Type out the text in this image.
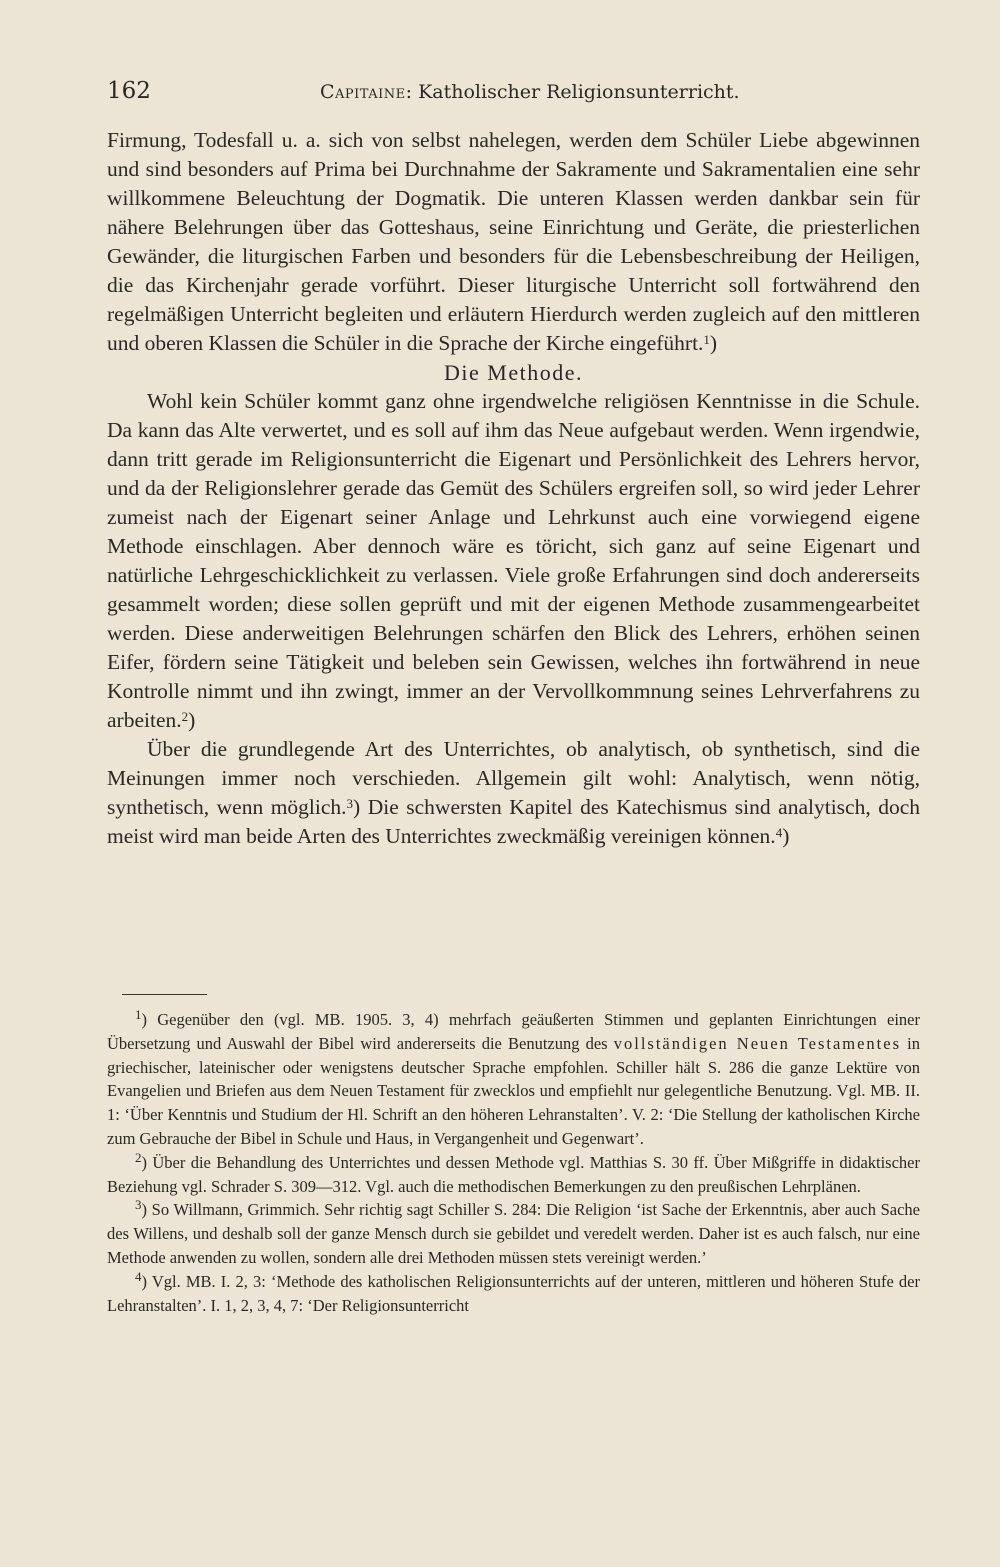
162	Capitaine: Katholischer Religionsunterricht.

Firmung, Todesfall u. a. sich von selbst nahelegen, werden dem Schüler Liebe abgewinnen und sind besonders auf Prima bei Durchnahme der Sakramente und Sakramentalien eine sehr willkommene Beleuchtung der Dogmatik. Die unteren Klassen werden dankbar sein für nähere Belehrungen über das Gotteshaus, seine Einrichtung und Geräte, die priesterlichen Gewänder, die liturgischen Farben und besonders für die Lebensbeschreibung der Heiligen, die das Kirchenjahr gerade vorführt. Dieser liturgische Unterricht soll fortwährend den regelmäßigen Unterricht begleiten und erläutern Hierdurch werden zugleich auf den mittleren und oberen Klassen die Schüler in die Sprache der Kirche eingeführt.$^1$)

Die Methode.

Wohl kein Schüler kommt ganz ohne irgendwelche religiösen Kenntnisse in die Schule. Da kann das Alte verwertet, und es soll auf ihm das Neue aufgebaut werden. Wenn irgendwie, dann tritt gerade im Religionsunterricht die Eigenart und Persönlichkeit des Lehrers hervor, und da der Religionslehrer gerade das Gemüt des Schülers ergreifen soll, so wird jeder Lehrer zumeist nach der Eigenart seiner Anlage und Lehrkunst auch eine vorwiegend eigene Methode einschlagen. Aber dennoch wäre es töricht, sich ganz auf seine Eigenart und natürliche Lehrgeschicklichkeit zu verlassen. Viele große Erfahrungen sind doch andererseits gesammelt worden; diese sollen geprüft und mit der eigenen Methode zusammengearbeitet werden. Diese anderweitigen Belehrungen schärfen den Blick des Lehrers, erhöhen seinen Eifer, fördern seine Tätigkeit und beleben sein Gewissen, welches ihn fortwährend in neue Kontrolle nimmt und ihn zwingt, immer an der Vervollkommnung seines Lehrverfahrens zu arbeiten.$^2$)

Über die grundlegende Art des Unterrichtes, ob analytisch, ob synthetisch, sind die Meinungen immer noch verschieden. Allgemein gilt wohl: Analytisch, wenn nötig, synthetisch, wenn möglich.$^3$) Die schwersten Kapitel des Katechismus sind analytisch, doch meist wird man beide Arten des Unterrichtes zweckmäßig vereinigen können.$^4$)

$^1$) Gegenüber den (vgl. MB. 1905. 3, 4) mehrfach geäußerten Stimmen und geplanten Einrichtungen einer Übersetzung und Auswahl der Bibel wird andererseits die Benutzung des vollständigen Neuen Testamentes in griechischer, lateinischer oder wenigstens deutscher Sprache empfohlen. Schiller hält S. 286 die ganze Lektüre von Evangelien und Briefen aus dem Neuen Testament für zwecklos und empfiehlt nur gelegentliche Benutzung. Vgl. MB. II. 1: ‘Über Kenntnis und Studium der Hl. Schrift an den höheren Lehranstalten’. V. 2: ‘Die Stellung der katholischen Kirche zum Gebrauche der Bibel in Schule und Haus, in Vergangenheit und Gegenwart’.

$^2$) Über die Behandlung des Unterrichtes und dessen Methode vgl. Matthias S. 30 ff. Über Mißgriffe in didaktischer Beziehung vgl. Schrader S. 309—312. Vgl. auch die methodischen Bemerkungen zu den preußischen Lehrplänen.

$^3$) So Willmann, Grimmich. Sehr richtig sagt Schiller S. 284: Die Religion ‘ist Sache der Erkenntnis, aber auch Sache des Willens, und deshalb soll der ganze Mensch durch sie gebildet und veredelt werden. Daher ist es auch falsch, nur eine Methode anwenden zu wollen, sondern alle drei Methoden müssen stets vereinigt werden.’

$^4$) Vgl. MB. I. 2, 3: ‘Methode des katholischen Religionsunterrichts auf der unteren, mittleren und höheren Stufe der Lehranstalten’. I. 1, 2, 3, 4, 7: ‘Der Religionsunterricht
